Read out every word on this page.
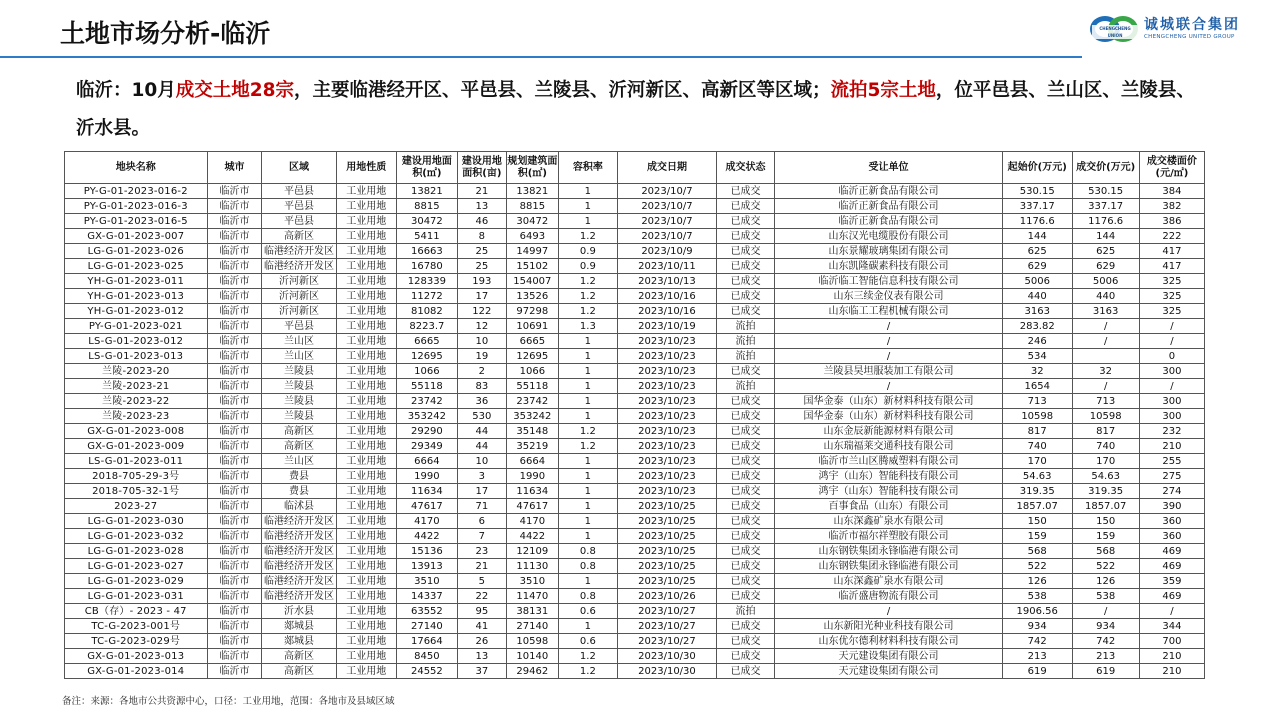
土地市场分析-临沂	CHENGCHENG UNION
诚城联合集团
CHENGCHENG UNITED GROUP
临沂：10月成交土地28宗，主要临港经开区、平邑县、兰陵县、沂河新区、高新区等区域；流拍5宗土地，位平邑县、兰山区、兰陵县、沂水县。
地块名称	城市	区域	用地性质	建设用地面积(㎡)	建设用地面积(亩)	规划建筑面积(㎡)	容积率	成交日期	成交状态	受让单位	起始价(万元)	成交价(万元)	成交楼面价(元/㎡)
PY-G-01-2023-016-2	临沂市	平邑县	工业用地	13821	21	13821	1	2023/10/7	已成交	临沂正新食品有限公司	530.15	530.15	384
PY-G-01-2023-016-3	临沂市	平邑县	工业用地	8815	13	8815	1	2023/10/7	已成交	临沂正新食品有限公司	337.17	337.17	382
PY-G-01-2023-016-5	临沂市	平邑县	工业用地	30472	46	30472	1	2023/10/7	已成交	临沂正新食品有限公司	1176.6	1176.6	386
GX-G-01-2023-007	临沂市	高新区	工业用地	5411	8	6493	1.2	2023/10/7	已成交	山东汉光电缆股份有限公司	144	144	222
LG-G-01-2023-026	临沂市	临港经济开发区	工业用地	16663	25	14997	0.9	2023/10/9	已成交	山东景耀玻璃集团有限公司	625	625	417
LG-G-01-2023-025	临沂市	临港经济开发区	工业用地	16780	25	15102	0.9	2023/10/11	已成交	山东凯隆碳素科技有限公司	629	629	417
YH-G-01-2023-011	临沂市	沂河新区	工业用地	128339	193	154007	1.2	2023/10/13	已成交	临沂临工智能信息科技有限公司	5006	5006	325
YH-G-01-2023-013	临沂市	沂河新区	工业用地	11272	17	13526	1.2	2023/10/16	已成交	山东三续金仪表有限公司	440	440	325
YH-G-01-2023-012	临沂市	沂河新区	工业用地	81082	122	97298	1.2	2023/10/16	已成交	山东临工工程机械有限公司	3163	3163	325
PY-G-01-2023-021	临沂市	平邑县	工业用地	8223.7	12	10691	1.3	2023/10/19	流拍	/	283.82	/	/
LS-G-01-2023-012	临沂市	兰山区	工业用地	6665	10	6665	1	2023/10/23	流拍	/	246	/	/
LS-G-01-2023-013	临沂市	兰山区	工业用地	12695	19	12695	1	2023/10/23	流拍	/	534		0
兰陵-2023-20	临沂市	兰陵县	工业用地	1066	2	1066	1	2023/10/23	已成交	兰陵县昊坦服装加工有限公司	32	32	300
兰陵-2023-21	临沂市	兰陵县	工业用地	55118	83	55118	1	2023/10/23	流拍	/	1654	/	/
兰陵-2023-22	临沂市	兰陵县	工业用地	23742	36	23742	1	2023/10/23	已成交	国华金泰（山东）新材料科技有限公司	713	713	300
兰陵-2023-23	临沂市	兰陵县	工业用地	353242	530	353242	1	2023/10/23	已成交	国华金泰（山东）新材料科技有限公司	10598	10598	300
GX-G-01-2023-008	临沂市	高新区	工业用地	29290	44	35148	1.2	2023/10/23	已成交	山东金辰新能源材料有限公司	817	817	232
GX-G-01-2023-009	临沂市	高新区	工业用地	29349	44	35219	1.2	2023/10/23	已成交	山东瑞福莱交通科技有限公司	740	740	210
LS-G-01-2023-011	临沂市	兰山区	工业用地	6664	10	6664	1	2023/10/23	已成交	临沂市兰山区腾威塑料有限公司	170	170	255
2018-705-29-3号	临沂市	费县	工业用地	1990	3	1990	1	2023/10/23	已成交	鸿宇（山东）智能科技有限公司	54.63	54.63	275
2018-705-32-1号	临沂市	费县	工业用地	11634	17	11634	1	2023/10/23	已成交	鸿宇（山东）智能科技有限公司	319.35	319.35	274
2023-27	临沂市	临沭县	工业用地	47617	71	47617	1	2023/10/25	已成交	百事食品（山东）有限公司	1857.07	1857.07	390
LG-G-01-2023-030	临沂市	临港经济开发区	工业用地	4170	6	4170	1	2023/10/25	已成交	山东深鑫矿泉水有限公司	150	150	360
LG-G-01-2023-032	临沂市	临港经济开发区	工业用地	4422	7	4422	1	2023/10/25	已成交	临沂市福尔祥塑胶有限公司	159	159	360
LG-G-01-2023-028	临沂市	临港经济开发区	工业用地	15136	23	12109	0.8	2023/10/25	已成交	山东钢铁集团永锋临港有限公司	568	568	469
LG-G-01-2023-027	临沂市	临港经济开发区	工业用地	13913	21	11130	0.8	2023/10/25	已成交	山东钢铁集团永锋临港有限公司	522	522	469
LG-G-01-2023-029	临沂市	临港经济开发区	工业用地	3510	5	3510	1	2023/10/25	已成交	山东深鑫矿泉水有限公司	126	126	359
LG-G-01-2023-031	临沂市	临港经济开发区	工业用地	14337	22	11470	0.8	2023/10/26	已成交	临沂盛唐物流有限公司	538	538	469
CB（存）- 2023 - 47	临沂市	沂水县	工业用地	63552	95	38131	0.6	2023/10/27	流拍	/	1906.56	/	/
TC-G-2023-001号	临沂市	郯城县	工业用地	27140	41	27140	1	2023/10/27	已成交	山东新阳光种业科技有限公司	934	934	344
TC-G-2023-029号	临沂市	郯城县	工业用地	17664	26	10598	0.6	2023/10/27	已成交	山东优尔德利材料科技有限公司	742	742	700
GX-G-01-2023-013	临沂市	高新区	工业用地	8450	13	10140	1.2	2023/10/30	已成交	天元建设集团有限公司	213	213	210
GX-G-01-2023-014	临沂市	高新区	工业用地	24552	37	29462	1.2	2023/10/30	已成交	天元建设集团有限公司	619	619	210
备注：来源：各地市公共资源中心，口径：工业用地，范围：各地市及县域区域
